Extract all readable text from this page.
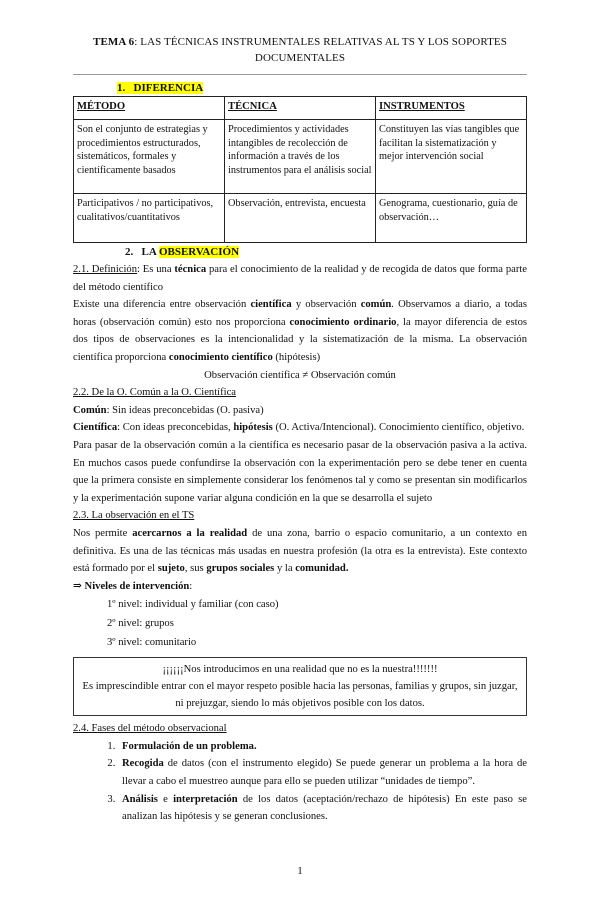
TEMA 6: LAS TÉCNICAS INSTRUMENTALES RELATIVAS AL TS Y LOS SOPORTES DOCUMENTALES
1. DIFERENCIA
MÉTODO	TÉCNICA	INSTRUMENTOS
Son el conjunto de estrategias y procedimientos estructurados, sistemáticos, formales y científicamente basados	Procedimientos y actividades intangibles de recolección de información a través de los instrumentos para el análisis social	Constituyen las vías tangibles que facilitan la sistematización y mejor intervención social
Participativos / no participativos, cualitativos/cuantitativos	Observación, entrevista, encuesta	Genograma, cuestionario, guía de observación…
2. LA OBSERVACIÓN

2.1. Definición: Es una técnica para el conocimiento de la realidad y de recogida de datos que forma parte del método científico

Existe una diferencia entre observación científica y observación común. Observamos a diario, a todas horas (observación común) esto nos proporciona conocimiento ordinario, la mayor diferencia de estos dos tipos de observaciones es la intencionalidad y la sistematización de la misma. La observación científica proporciona conocimiento científico (hipótesis)

Observación científica ≠ Observación común

2.2. De la O. Común a la O. Científica

Común: Sin ideas preconcebidas (O. pasiva)

Científica: Con ideas preconcebidas, hipótesis (O. Activa/Intencional). Conocimiento científico, objetivo.

Para pasar de la observación común a la científica es necesario pasar de la observación pasiva a la activa. En muchos casos puede confundirse la observación con la experimentación pero se debe tener en cuenta que la primera consiste en simplemente considerar los fenómenos tal y como se presentan sin modificarlos y la experimentación supone variar alguna condición en la que se desarrolla el sujeto

2.3. La observación en el TS

Nos permite acercarnos a la realidad de una zona, barrio o espacio comunitario, a un contexto en definitiva. Es una de las técnicas más usadas en nuestra profesión (la otra es la entrevista). Este contexto está formado por el sujeto, sus grupos sociales y la comunidad.

⇒ Niveles de intervención:

1º nivel: individual y familiar (con caso)
2º nivel: grupos
3º nivel: comunitario
¡¡¡¡¡¡Nos introducimos en una realidad que no es la nuestra!!!!!!!
Es imprescindible entrar con el mayor respeto posible hacia las personas, familias y grupos, sin juzgar, ni prejuzgar, siendo lo más objetivos posible con los datos.

2.4. Fases del método observacional

1. Formulación de un problema.
2. Recogida de datos (con el instrumento elegido) Se puede generar un problema a la hora de llevar a cabo el muestreo aunque para ello se pueden utilizar “unidades de tiempo”.
3. Análisis e interpretación de los datos (aceptación/rechazo de hipótesis) En este paso se analizan las hipótesis y se generan conclusiones.
1
